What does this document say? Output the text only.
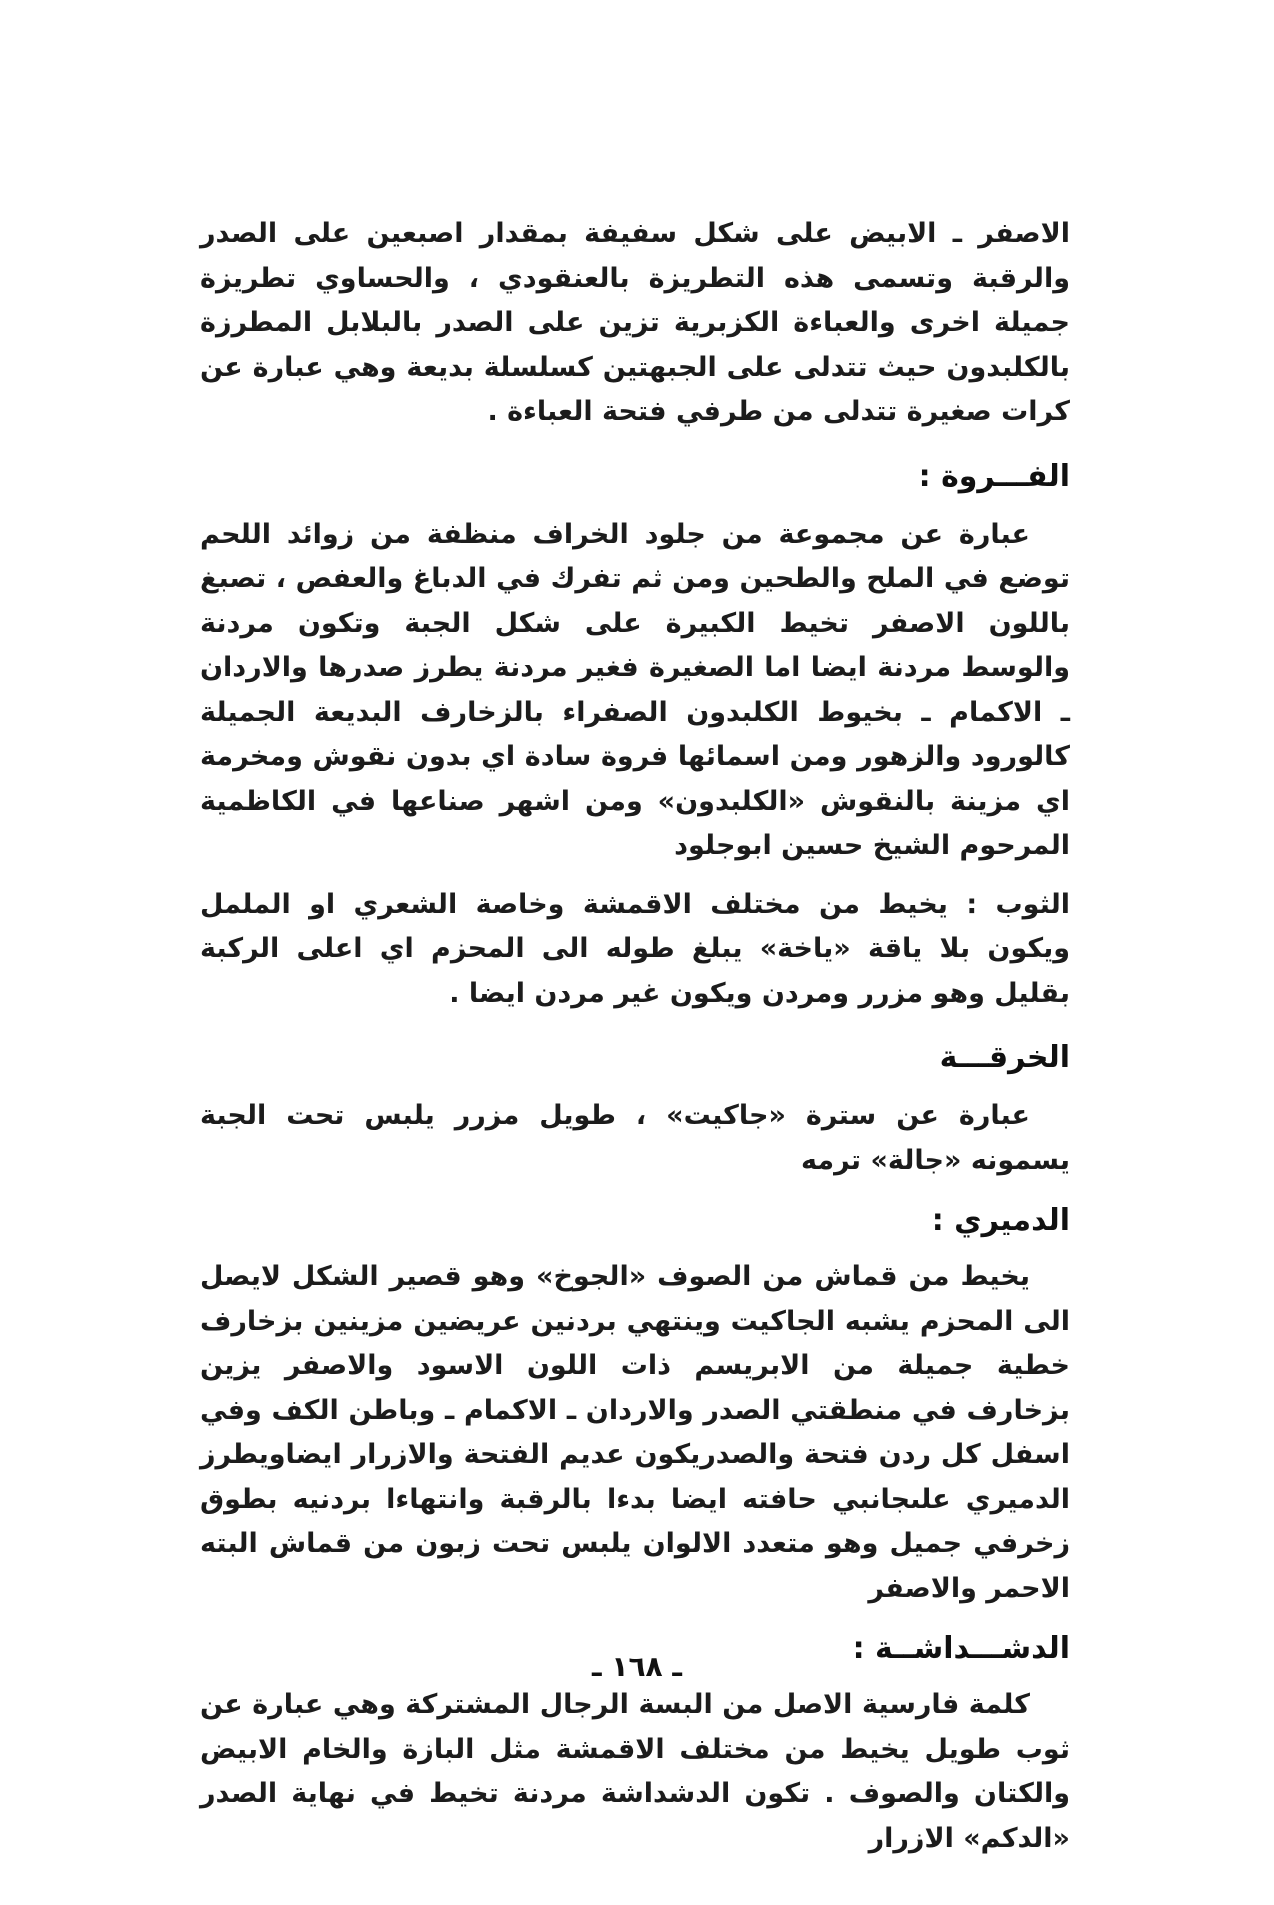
الاصفر ـ الابيض على شكل سفيفة بمقدار اصبعين على الصدر والرقبة وتسمى هذه التطريزة بالعنقودي ، والحساوي تطريزة جميلة اخرى والعباءة الكزبرية تزين على الصدر بالبلابل المطرزة بالكلبدون حيث تتدلى على الجبهتين كسلسلة بديعة وهي عبارة عن كرات صغيرة تتدلى من طرفي فتحة العباءة .

الفـــروة :

عبارة عن مجموعة من جلود الخراف منظفة من زوائد اللحم توضع في الملح والطحين ومن ثم تفرك في الدباغ والعفص ، تصبغ باللون الاصفر تخيط الكبيرة على شكل الجبة وتكون مردنة والوسط مردنة ايضا اما الصغيرة فغير مردنة يطرز صدرها والاردان ـ الاكمام ـ بخيوط الكلبدون الصفراء بالزخارف البديعة الجميلة كالورود والزهور ومن اسمائها فروة سادة اي بدون نقوش ومخرمة اي مزينة بالنقوش «الكلبدون» ومن اشهر صناعها في الكاظمية المرحوم الشيخ حسين ابوجلود

الثوب : يخيط من مختلف الاقمشة وخاصة الشعري او الململ ويكون بلا ياقة «ياخة» يبلغ طوله الى المحزم اي اعلى الركبة بقليل وهو مزرر ومردن ويكون غير مردن ايضا .

الخرقـــة

عبارة عن سترة «جاكيت» ، طويل مزرر يلبس تحت الجبة يسمونه «جالة» ترمه

الدميري :

يخيط من قماش من الصوف «الجوخ» وهو قصير الشكل لايصل الى المحزم يشبه الجاكيت وينتهي بردنين عريضين مزينين بزخارف خطية جميلة من الابريسم ذات اللون الاسود والاصفر يزين بزخارف في منطقتي الصدر والاردان ـ الاكمام ـ وباطن الكف وفي اسفل كل ردن فتحة والصدريكون عديم الفتحة والازرار ايضاويطرز الدميري علىجانبي حافته ايضا بدءا بالرقبة وانتهاءا بردنيه بطوق زخرفي جميل وهو متعدد الالوان يلبس تحت زبون من قماش البته الاحمر والاصفر

الدشـــداشــة :

كلمة فارسية الاصل من البسة الرجال المشتركة وهي عبارة عن ثوب طويل يخيط من مختلف الاقمشة مثل البازة والخام الابيض والكتان والصوف . تكون الدشداشة مردنة تخيط في نهاية الصدر «الدكم» الازرار

ـ ١٦٨ ـ
